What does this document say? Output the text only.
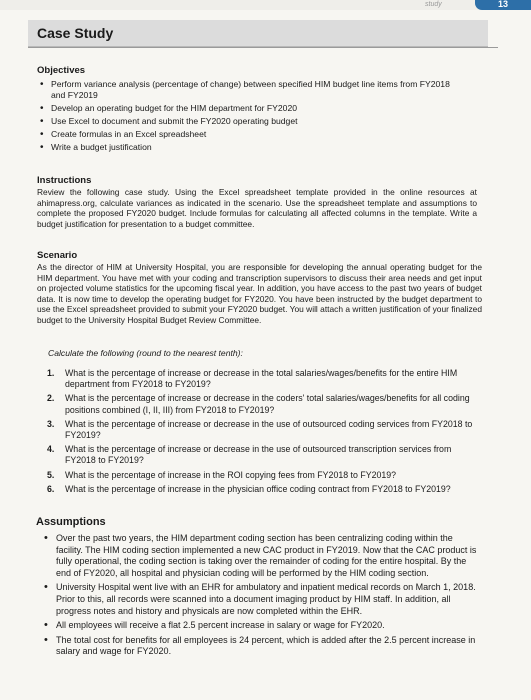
study	13
Case Study
Objectives
• Perform variance analysis (percentage of change) between specified HIM budget line items from FY2018 and FY2019
• Develop an operating budget for the HIM department for FY2020
• Use Excel to document and submit the FY2020 operating budget
• Create formulas in an Excel spreadsheet
• Write a budget justification
Instructions
Review the following case study. Using the Excel spreadsheet template provided in the online resources at ahimapress.org, calculate variances as indicated in the scenario. Use the spreadsheet template and assumptions to complete the proposed FY2020 budget. Include formulas for calculating all affected columns in the template. Write a budget justification for presentation to a budget committee.
Scenario
As the director of HIM at University Hospital, you are responsible for developing the annual operating budget for the HIM department. You have met with your coding and transcription supervisors to discuss their area needs and get input on projected volume statistics for the upcoming fiscal year. In addition, you have access to the past two years of budget data. It is now time to develop the operating budget for FY2020. You have been instructed by the budget department to use the Excel spreadsheet provided to submit your FY2020 budget. You will attach a written justification of your finalized budget to the University Hospital Budget Review Committee.
Calculate the following (round to the nearest tenth):
1. What is the percentage of increase or decrease in the total salaries/wages/benefits for the entire HIM department from FY2018 to FY2019?
2. What is the percentage of increase or decrease in the coders' total salaries/wages/benefits for all coding positions combined (I, II, III) from FY2018 to FY2019?
3. What is the percentage of increase or decrease in the use of outsourced coding services from FY2018 to FY2019?
4. What is the percentage of increase or decrease in the use of outsourced transcription services from FY2018 to FY2019?
5. What is the percentage of increase in the ROI copying fees from FY2018 to FY2019?
6. What is the percentage of increase in the physician office coding contract from FY2018 to FY2019?
Assumptions
• Over the past two years, the HIM department coding section has been centralizing coding within the facility. The HIM coding section implemented a new CAC product in FY2019. Now that the CAC product is fully operational, the coding section is taking over the remainder of coding for the entire hospital. By the end of FY2020, all hospital and physician coding will be performed by the HIM coding section.
• University Hospital went live with an EHR for ambulatory and inpatient medical records on March 1, 2018. Prior to this, all records were scanned into a document imaging product by HIM staff. In addition, all progress notes and history and physicals are now completed within the EHR.
• All employees will receive a flat 2.5 percent increase in salary or wage for FY2020.
• The total cost for benefits for all employees is 24 percent, which is added after the 2.5 percent increase in salary and wage for FY2020.
